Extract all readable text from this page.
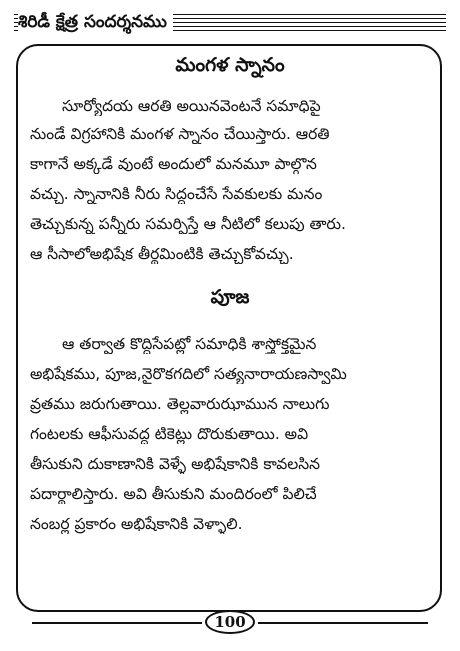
శిరిడీ క్షేత్ర సందర్శనము
మంగళ స్నానం
సూర్యోదయ ఆరతి అయినవెంటనే సమాధిపై
నుండే విగ్రహానికి మంగళ స్నానం చేయిస్తారు. ఆరతి
కాగానే అక్కడే వుంటే అందులో మనమూ పాల్గొన
వచ్చు. స్నానానికి నీరు సిద్ధంచేసే సేవకులకు మనం
తెచ్చుకున్న పన్నీరు సమర్పిస్తే ఆ నీటిలో కలుపు తారు.
ఆ సీసాలోఅభిషేక తీర్థమింటికి తెచ్చుకోవచ్చు.
పూజ
ఆ తర్వాత కొద్దిసేపట్లో సమాధికి శాస్త్రోక్తమైన
అభిషేకము, పూజ,నైరొకగదిలో సత్యనారాయణస్వామి
వ్రతము జరుగుతాయి. తెల్లవారుఝామున నాలుగు
గంటలకు ఆఫీసువద్ద టికెట్లు దొరుకుతాయి. అవి
తీసుకుని దుకాణానికి వెళ్ళే అభిషేకానికి కావలసిన
పదార్థాలిస్తారు. అవి తీసుకుని మందిరంలో పిలిచే
నంబర్ల ప్రకారం అభిషేకానికి వెళ్ళాలి.
100
